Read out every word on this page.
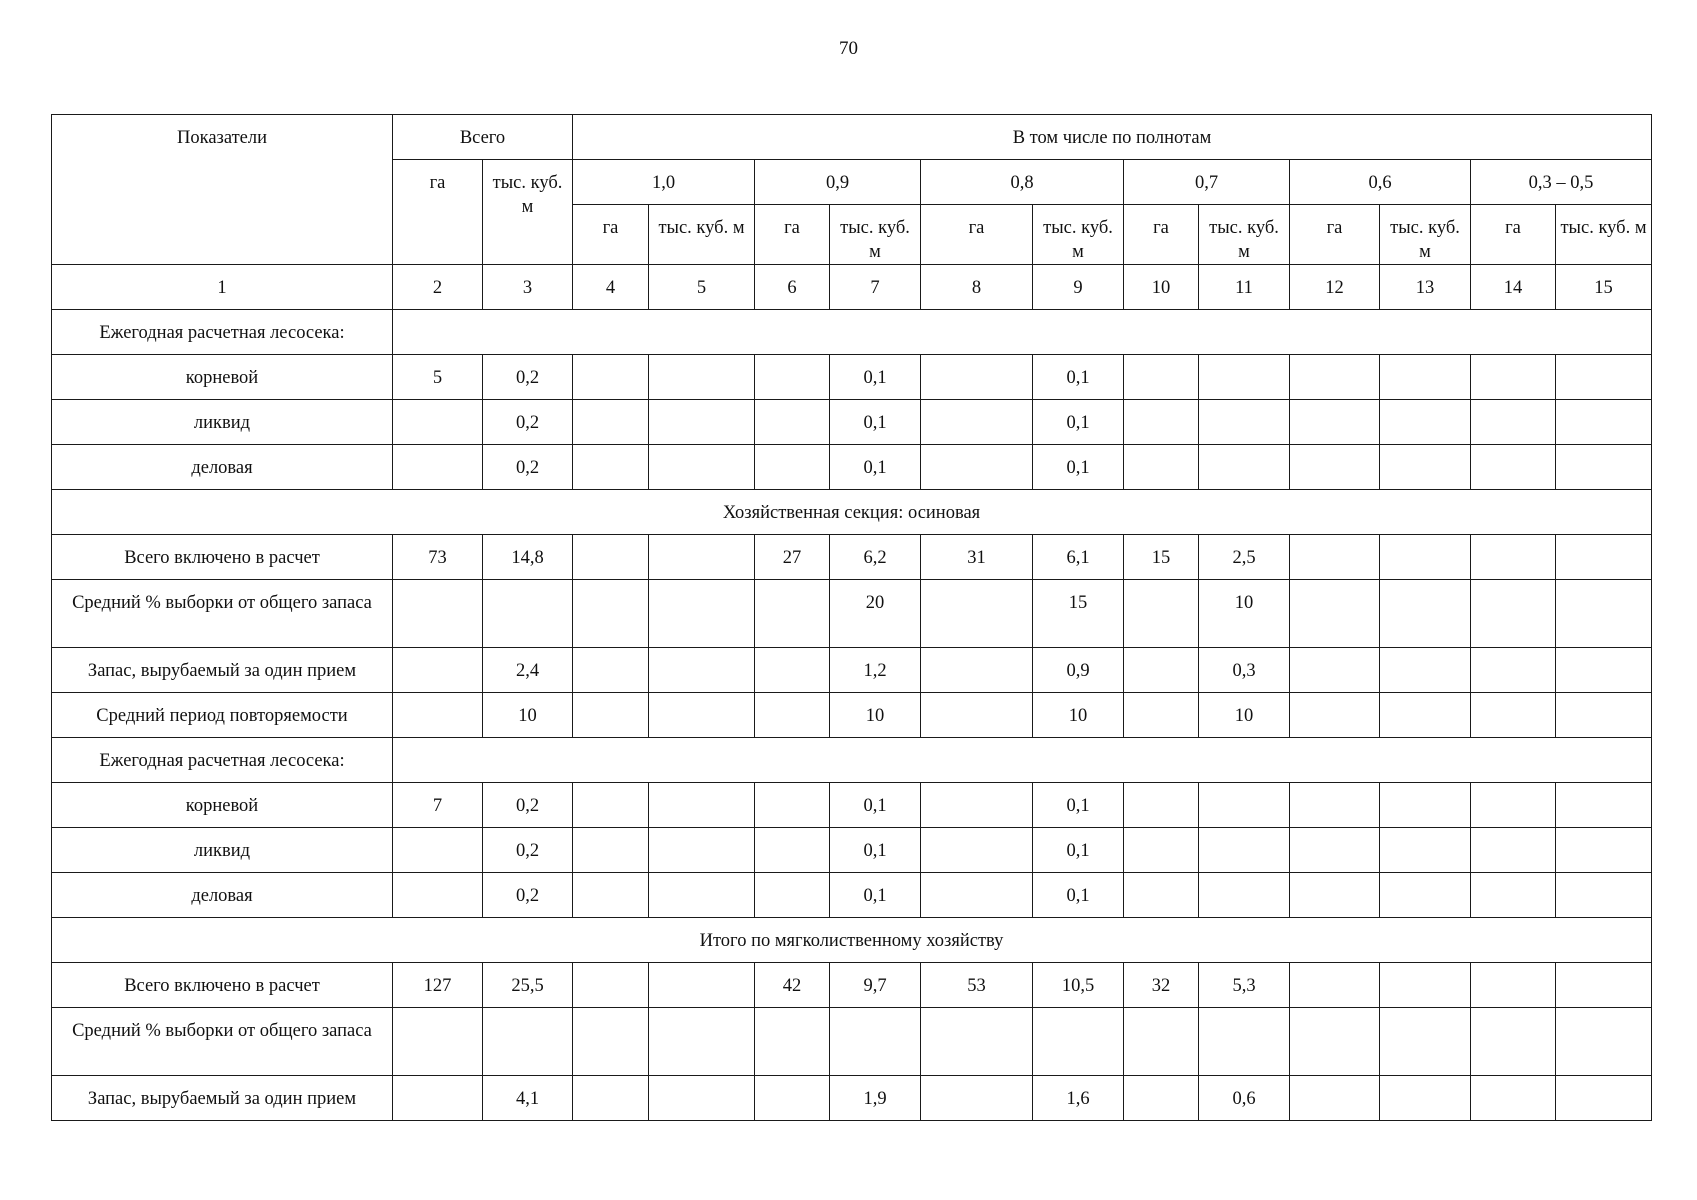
70
Показатели	Всего		В том числе по полнотам											
	га	тыс. куб. м	1,0		0,9		0,8		0,7		0,6		0,3 – 0,5	
			га	тыс. куб. м	га	тыс. куб. м	га	тыс. куб. м	га	тыс. куб. м	га	тыс. куб. м	га	тыс. куб. м
1	2	3	4	5	6	7	8	9	10	11	12	13	14	15
Ежегодная расчетная лесосека:														
корневой	5	0,2				0,1		0,1						
ликвид		0,2				0,1		0,1						
деловая		0,2				0,1		0,1						
Хозяйственная секция: осиновая														
Всего включено в расчет	73	14,8			27	6,2	31	6,1	15	2,5				
Средний % выборки от общего запаса						20		15		10				
Запас, вырубаемый за один прием		2,4				1,2		0,9		0,3				
Средний период повторяемости		10				10		10		10				
Ежегодная расчетная лесосека:														
корневой	7	0,2				0,1		0,1						
ликвид		0,2				0,1		0,1						
деловая		0,2				0,1		0,1						
Итого по мягколиственному хозяйству														
Всего включено в расчет	127	25,5			42	9,7	53	10,5	32	5,3				
Средний % выборки от общего запаса														
Запас, вырубаемый за один прием		4,1				1,9		1,6		0,6				
